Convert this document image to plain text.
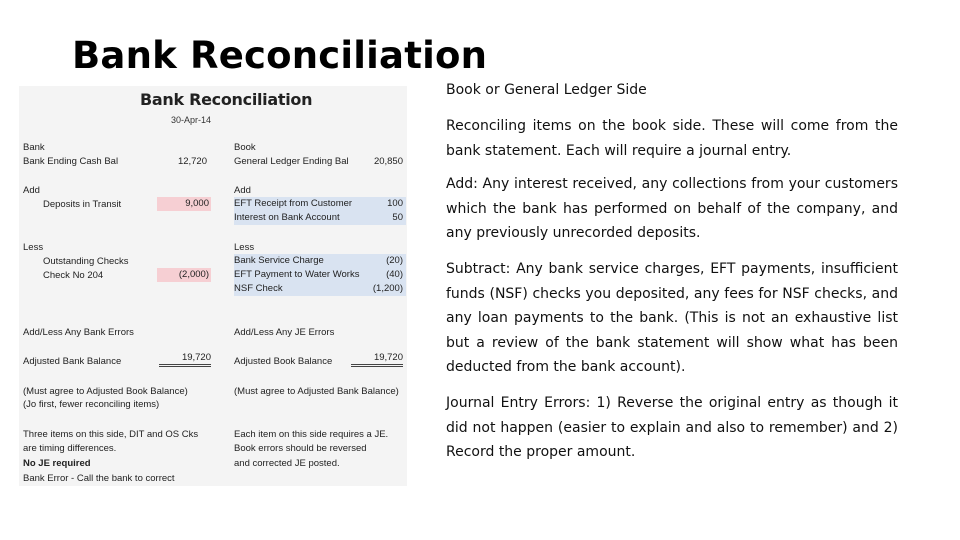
Bank Reconciliation
Bank Reconciliation
30-Apr-14
Bank
Bank Ending Cash Bal	12,720
Add
Deposits in Transit	9,000
Less
Outstanding Checks
Check No 204	(2,000)
Add/Less Any Bank Errors
Adjusted Bank Balance	19,720
(Must agree to Adjusted Book Balance)
(Jo first, fewer reconciling items)
Three items on this side, DIT and OS Cks
are timing differences.
No JE required
Bank Error - Call the bank to correct
Book
General Ledger Ending Bal	20,850
Add
EFT Receipt from Customer	100
Interest on Bank Account	50
Less
Bank Service Charge	(20)
EFT Payment to Water Works	(40)
NSF Check	(1,200)
Add/Less Any JE Errors
Adjusted Book Balance	19,720
(Must agree to Adjusted Bank Balance)
Each item on this side requires a JE.
Book errors should be reversed
and corrected JE posted.
Book or General Ledger Side
Reconciling items on the book side. These will come from the bank statement. Each will require a journal entry.
Add: Any interest received, any collections from your customers which the bank has performed on behalf of the company, and any previously unrecorded deposits.
Subtract: Any bank service charges, EFT payments, insufficient funds (NSF) checks you deposited, any fees for NSF checks, and any loan payments to the bank. (This is not an exhaustive list but a review of the bank statement will show what has been deducted from the bank account).
Journal Entry Errors: 1) Reverse the original entry as though it did not happen (easier to explain and also to remember) and 2) Record the proper amount.
